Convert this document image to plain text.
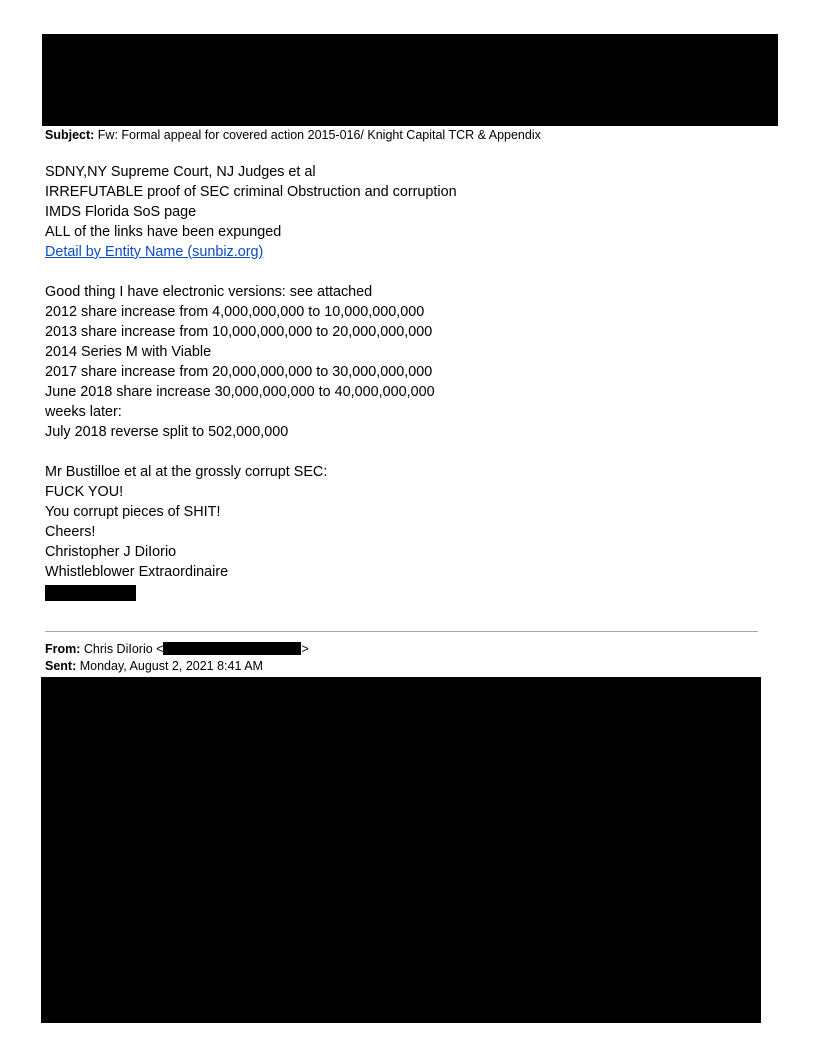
Subject: Fw: Formal appeal for covered action 2015-016/ Knight Capital TCR & Appendix
SDNY,NY Supreme Court, NJ Judges et al
IRREFUTABLE proof of SEC criminal Obstruction and corruption
IMDS Florida SoS page
ALL of the links have been expunged
Detail by Entity Name (sunbiz.org)
Good thing I have electronic versions: see attached
2012 share increase from 4,000,000,000 to 10,000,000,000
2013 share increase from 10,000,000,000 to 20,000,000,000
2014 Series M with Viable
2017 share increase from 20,000,000,000 to 30,000,000,000
June 2018 share increase 30,000,000,000 to 40,000,000,000
weeks later:
July 2018 reverse split to 502,000,000
Mr Bustilloe et al at the grossly corrupt SEC:
FUCK YOU!
You corrupt pieces of SHIT!
Cheers!
Christopher J DiIorio
Whistleblower Extraordinaire
From: Chris DiIorio <	>
Sent: Monday, August 2, 2021 8:41 AM
